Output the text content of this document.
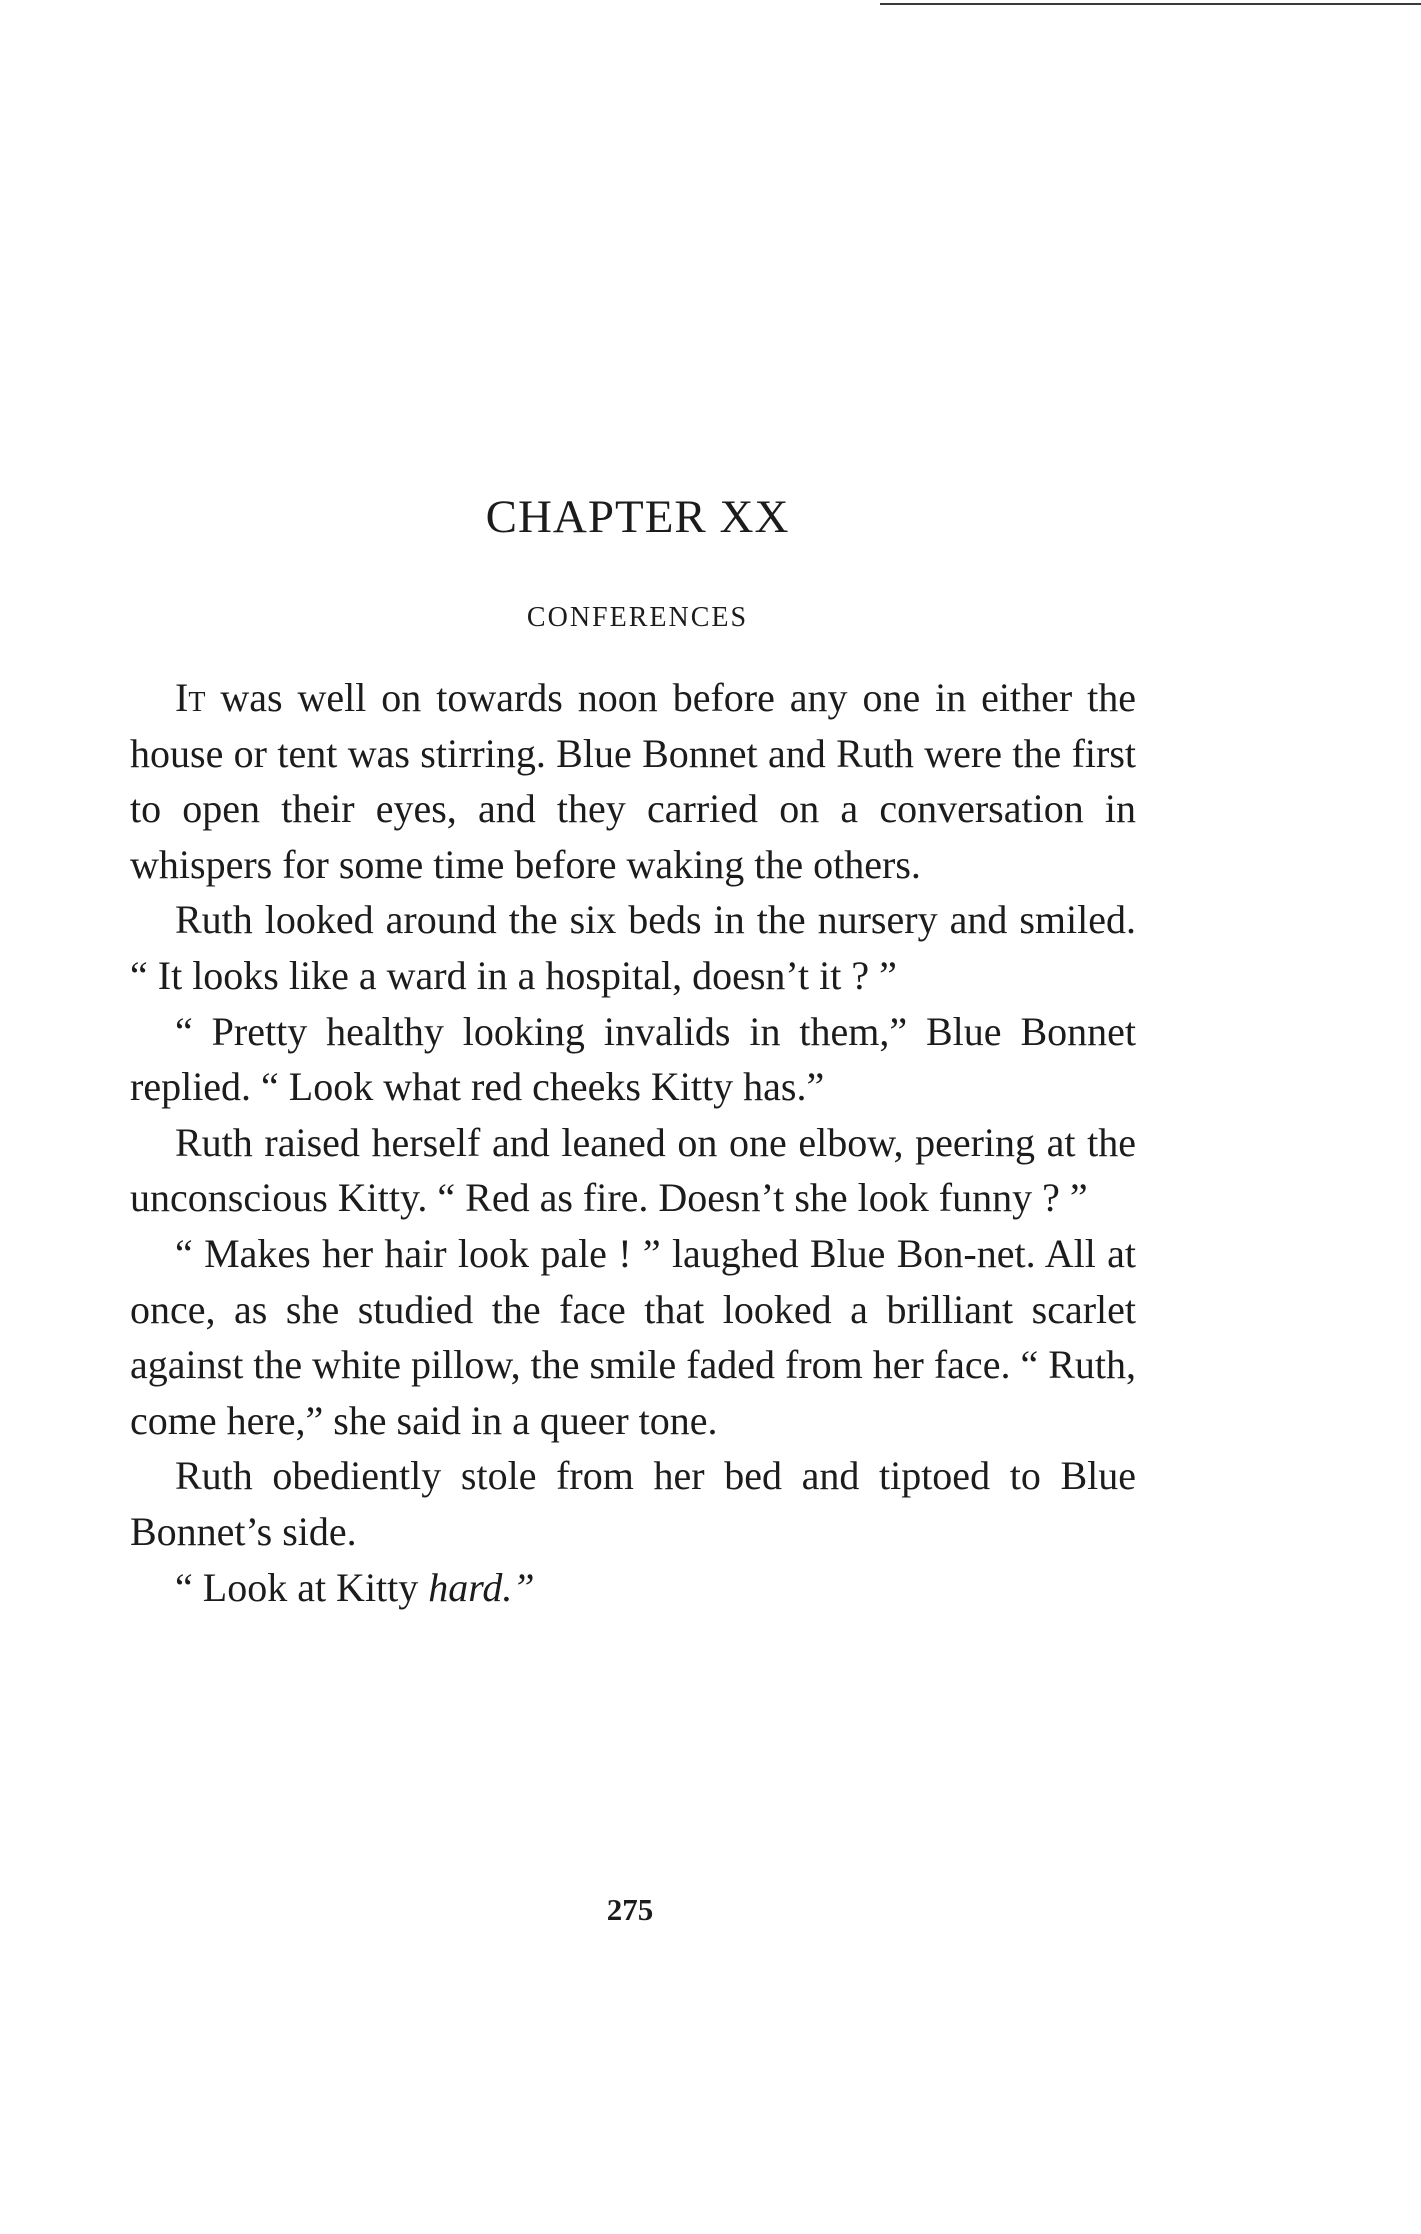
CHAPTER XX
CONFERENCES

It was well on towards noon before any one in either the house or tent was stirring. Blue Bonnet and Ruth were the first to open their eyes, and they carried on a conversation in whispers for some time before waking the others.

Ruth looked around the six beds in the nursery and smiled. “ It looks like a ward in a hospital, doesn’t it ? ”

“ Pretty healthy looking invalids in them,” Blue Bonnet replied. “ Look what red cheeks Kitty has.”

Ruth raised herself and leaned on one elbow, peering at the unconscious Kitty. “ Red as fire. Doesn’t she look funny ? ”

“ Makes her hair look pale ! ” laughed Blue Bon-net. All at once, as she studied the face that looked a brilliant scarlet against the white pillow, the smile faded from her face. “ Ruth, come here,” she said in a queer tone.

Ruth obediently stole from her bed and tiptoed to Blue Bonnet’s side.

“ Look at Kitty hard.”

275
